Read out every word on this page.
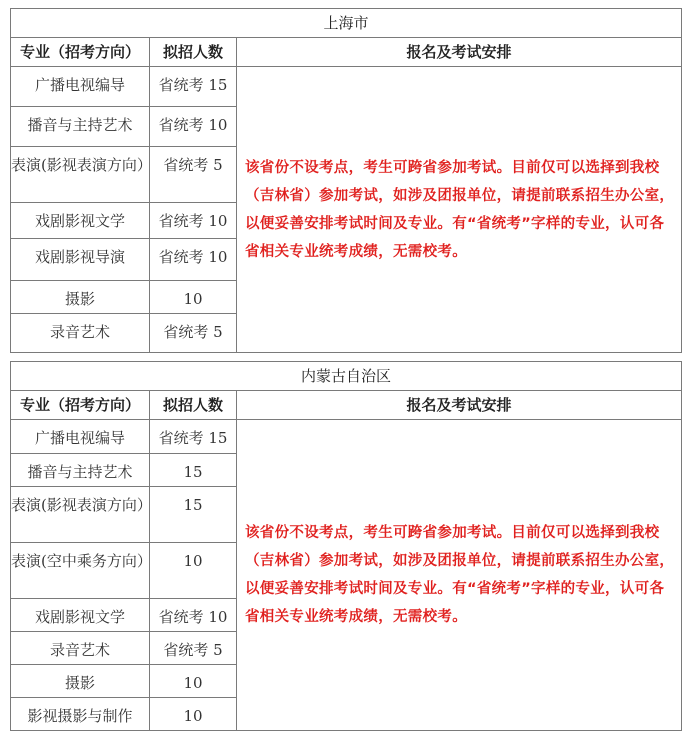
上海市		
专业（招考方向）	拟招人数	报名及考试安排
广播电视编导	省统考 15	该省份不设考点，考生可跨省参加考试。目前仅可以选择到我校（吉林省）参加考试，如涉及团报单位，请提前联系招生办公室，以便妥善安排考试时间及专业。有“省统考”字样的专业，认可各省相关专业统考成绩，无需校考。
播音与主持艺术	省统考 10	
表演(影视表演方向）	省统考 5	
戏剧影视文学	省统考 10	
戏剧影视导演	省统考 10	
摄影	10	
录音艺术	省统考 5	
内蒙古自治区		
专业（招考方向）	拟招人数	报名及考试安排
广播电视编导	省统考 15	该省份不设考点，考生可跨省参加考试。目前仅可以选择到我校（吉林省）参加考试，如涉及团报单位，请提前联系招生办公室，以便妥善安排考试时间及专业。有“省统考”字样的专业，认可各省相关专业统考成绩，无需校考。
播音与主持艺术	15	
表演(影视表演方向）	15	
表演(空中乘务方向）	10	
戏剧影视文学	省统考 10	
录音艺术	省统考 5	
摄影	10	
影视摄影与制作	10	
